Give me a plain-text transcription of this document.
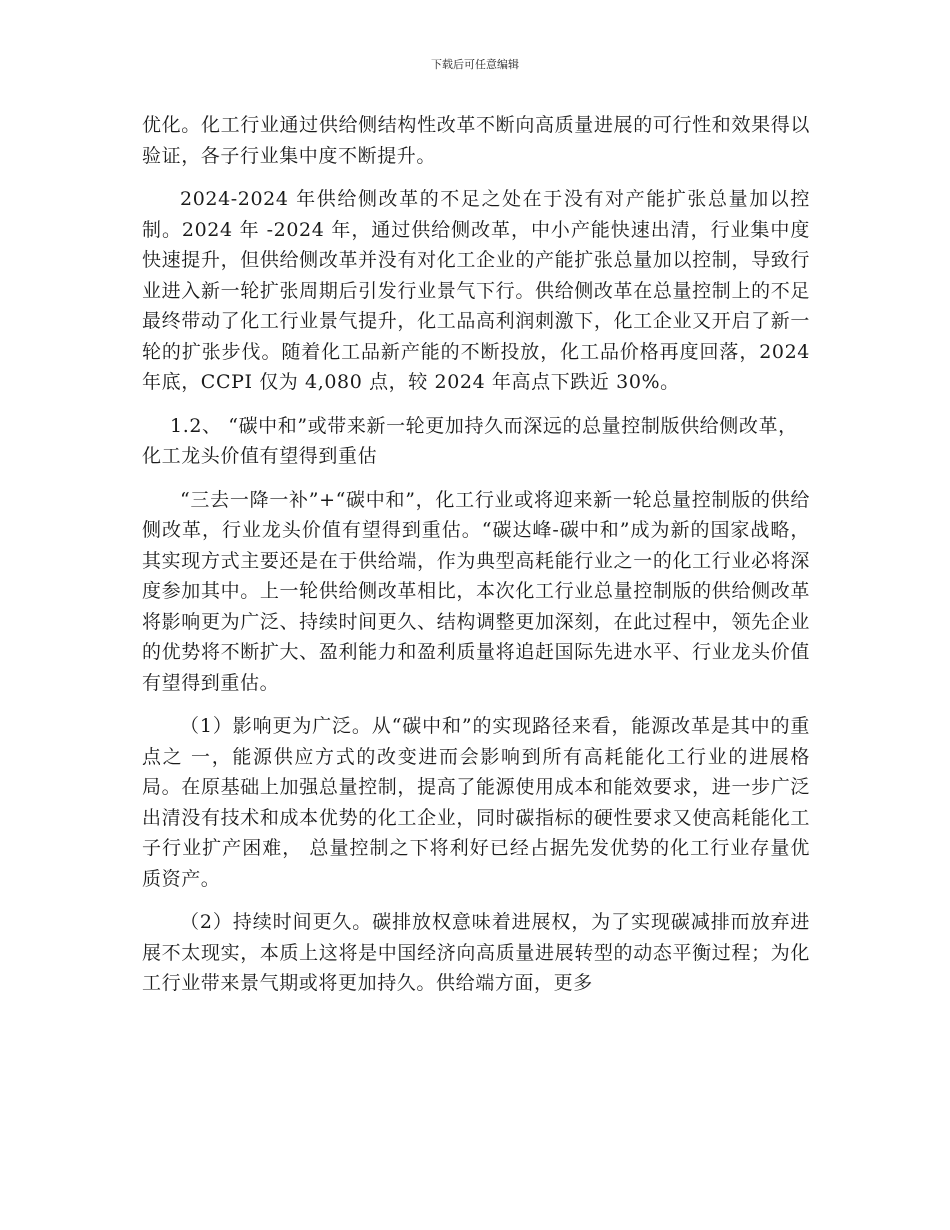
下载后可任意编辑

优化。化工行业通过供给侧结构性改革不断向高质量进展的可行性和效果得以验证，各子行业集中度不断提升。

2024-2024 年供给侧改革的不足之处在于没有对产能扩张总量加以控制。2024 年 -2024 年，通过供给侧改革，中小产能快速出清，行业集中度快速提升，但供给侧改革并没有对化工企业的产能扩张总量加以控制，导致行业进入新一轮扩张周期后引发行业景气下行。供给侧改革在总量控制上的不足最终带动了化工行业景气提升，化工品高利润刺激下，化工企业又开启了新一轮的扩张步伐。随着化工品新产能的不断投放，化工品价格再度回落，2024 年底，CCPI 仅为 4,080 点，较 2024 年高点下跌近 30%。

1.2、 “碳中和”或带来新一轮更加持久而深远的总量控制版供给侧改革， 化工龙头价值有望得到重估

“三去一降一补”+“碳中和”，化工行业或将迎来新一轮总量控制版的供给侧改革，行业龙头价值有望得到重估。“碳达峰-碳中和”成为新的国家战略，其实现方式主要还是在于供给端，作为典型高耗能行业之一的化工行业必将深度参加其中。上一轮供给侧改革相比，本次化工行业总量控制版的供给侧改革将影响更为广泛、持续时间更久、结构调整更加深刻，在此过程中，领先企业的优势将不断扩大、盈利能力和盈利质量将追赶国际先进水平、行业龙头价值有望得到重估。

（1）影响更为广泛。从“碳中和”的实现路径来看，能源改革是其中的重点之 一，能源供应方式的改变进而会影响到所有高耗能化工行业的进展格局。在原基础上加强总量控制，提高了能源使用成本和能效要求，进一步广泛出清没有技术和成本优势的化工企业，同时碳指标的硬性要求又使高耗能化工子行业扩产困难， 总量控制之下将利好已经占据先发优势的化工行业存量优质资产。

（2）持续时间更久。碳排放权意味着进展权，为了实现碳减排而放弃进展不太现实，本质上这将是中国经济向高质量进展转型的动态平衡过程；为化工行业带来景气期或将更加持久。供给端方面，更多
